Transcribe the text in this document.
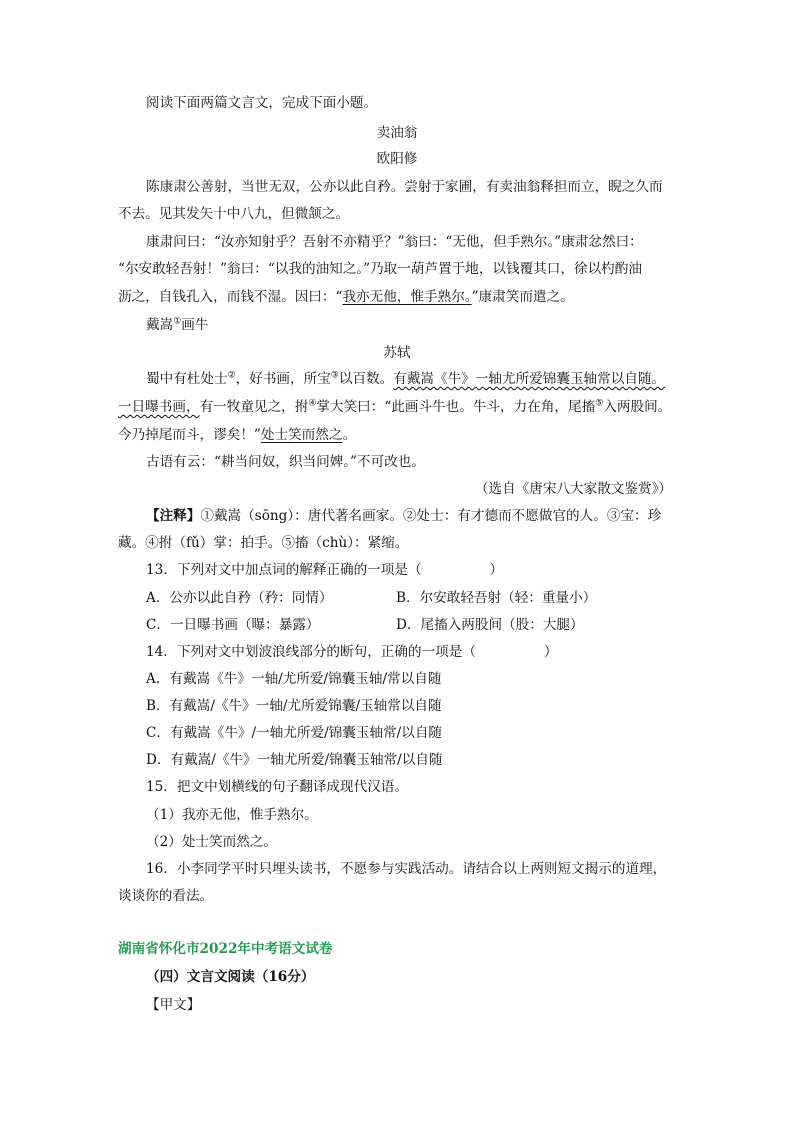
阅读下面两篇文言文，完成下面小题。
卖油翁
欧阳修
陈康肃公善射，当世无双，公亦以此自矜。尝射于家圃，有卖油翁释担而立，睨之久而
不去。见其发矢十中八九，但微颔之。
康肃问曰：“汝亦知射乎？吾射不亦精乎？”翁曰：“无他，但手熟尔。”康肃忿然曰：
“尔安敢轻吾射！”翁曰：“以我的油知之。”乃取一葫芦置于地，以钱覆其口，徐以杓酌油
沥之，自钱孔入，而钱不湿。因曰：“我亦无他，惟手熟尔。”康肃笑而遣之。
戴嵩①画牛
苏轼
蜀中有杜处士②，好书画，所宝③以百数。有戴嵩《牛》一轴尤所爱锦囊玉轴常以自随。
一日曝书画，有一牧童见之，拊④掌大笑曰：“此画斗牛也。牛斗，力在角，尾搐⑤入两股间。
今乃掉尾而斗，谬矣！”处士笑而然之。
古语有云：“耕当问奴，织当问婢。”不可改也。
（选自《唐宋八大家散文鉴赏》）
【注释】①戴嵩（sōng）：唐代著名画家。②处士：有才德而不愿做官的人。③宝：珍
藏。④拊（fǔ）掌：拍手。⑤搐（chù）：紧缩。
13．下列对文中加点词的解释正确的一项是（　　　　　）
A．公亦以此自矜（矜：同情）	B．尔安敢轻吾射（轻：重量小）
C．一日曝书画（曝：暴露）	D．尾搐入两股间（股：大腿）
14．下列对文中划波浪线部分的断句，正确的一项是（　　　　　）
A．有戴嵩《牛》一轴/尤所爱/锦囊玉轴/常以自随
B．有戴嵩/《牛》一轴/尤所爱锦囊/玉轴常以自随
C．有戴嵩《牛》/一轴尤所爱/锦囊玉轴常/以自随
D．有戴嵩/《牛》一轴尤所爱/锦囊玉轴常/以自随
15．把文中划横线的句子翻译成现代汉语。
（1）我亦无他，惟手熟尔。
（2）处士笑而然之。
16．小李同学平时只埋头读书，不愿参与实践活动。请结合以上两则短文揭示的道理，
谈谈你的看法。
湖南省怀化市2022年中考语文试卷
（四）文言文阅读（16分）
【甲文】
